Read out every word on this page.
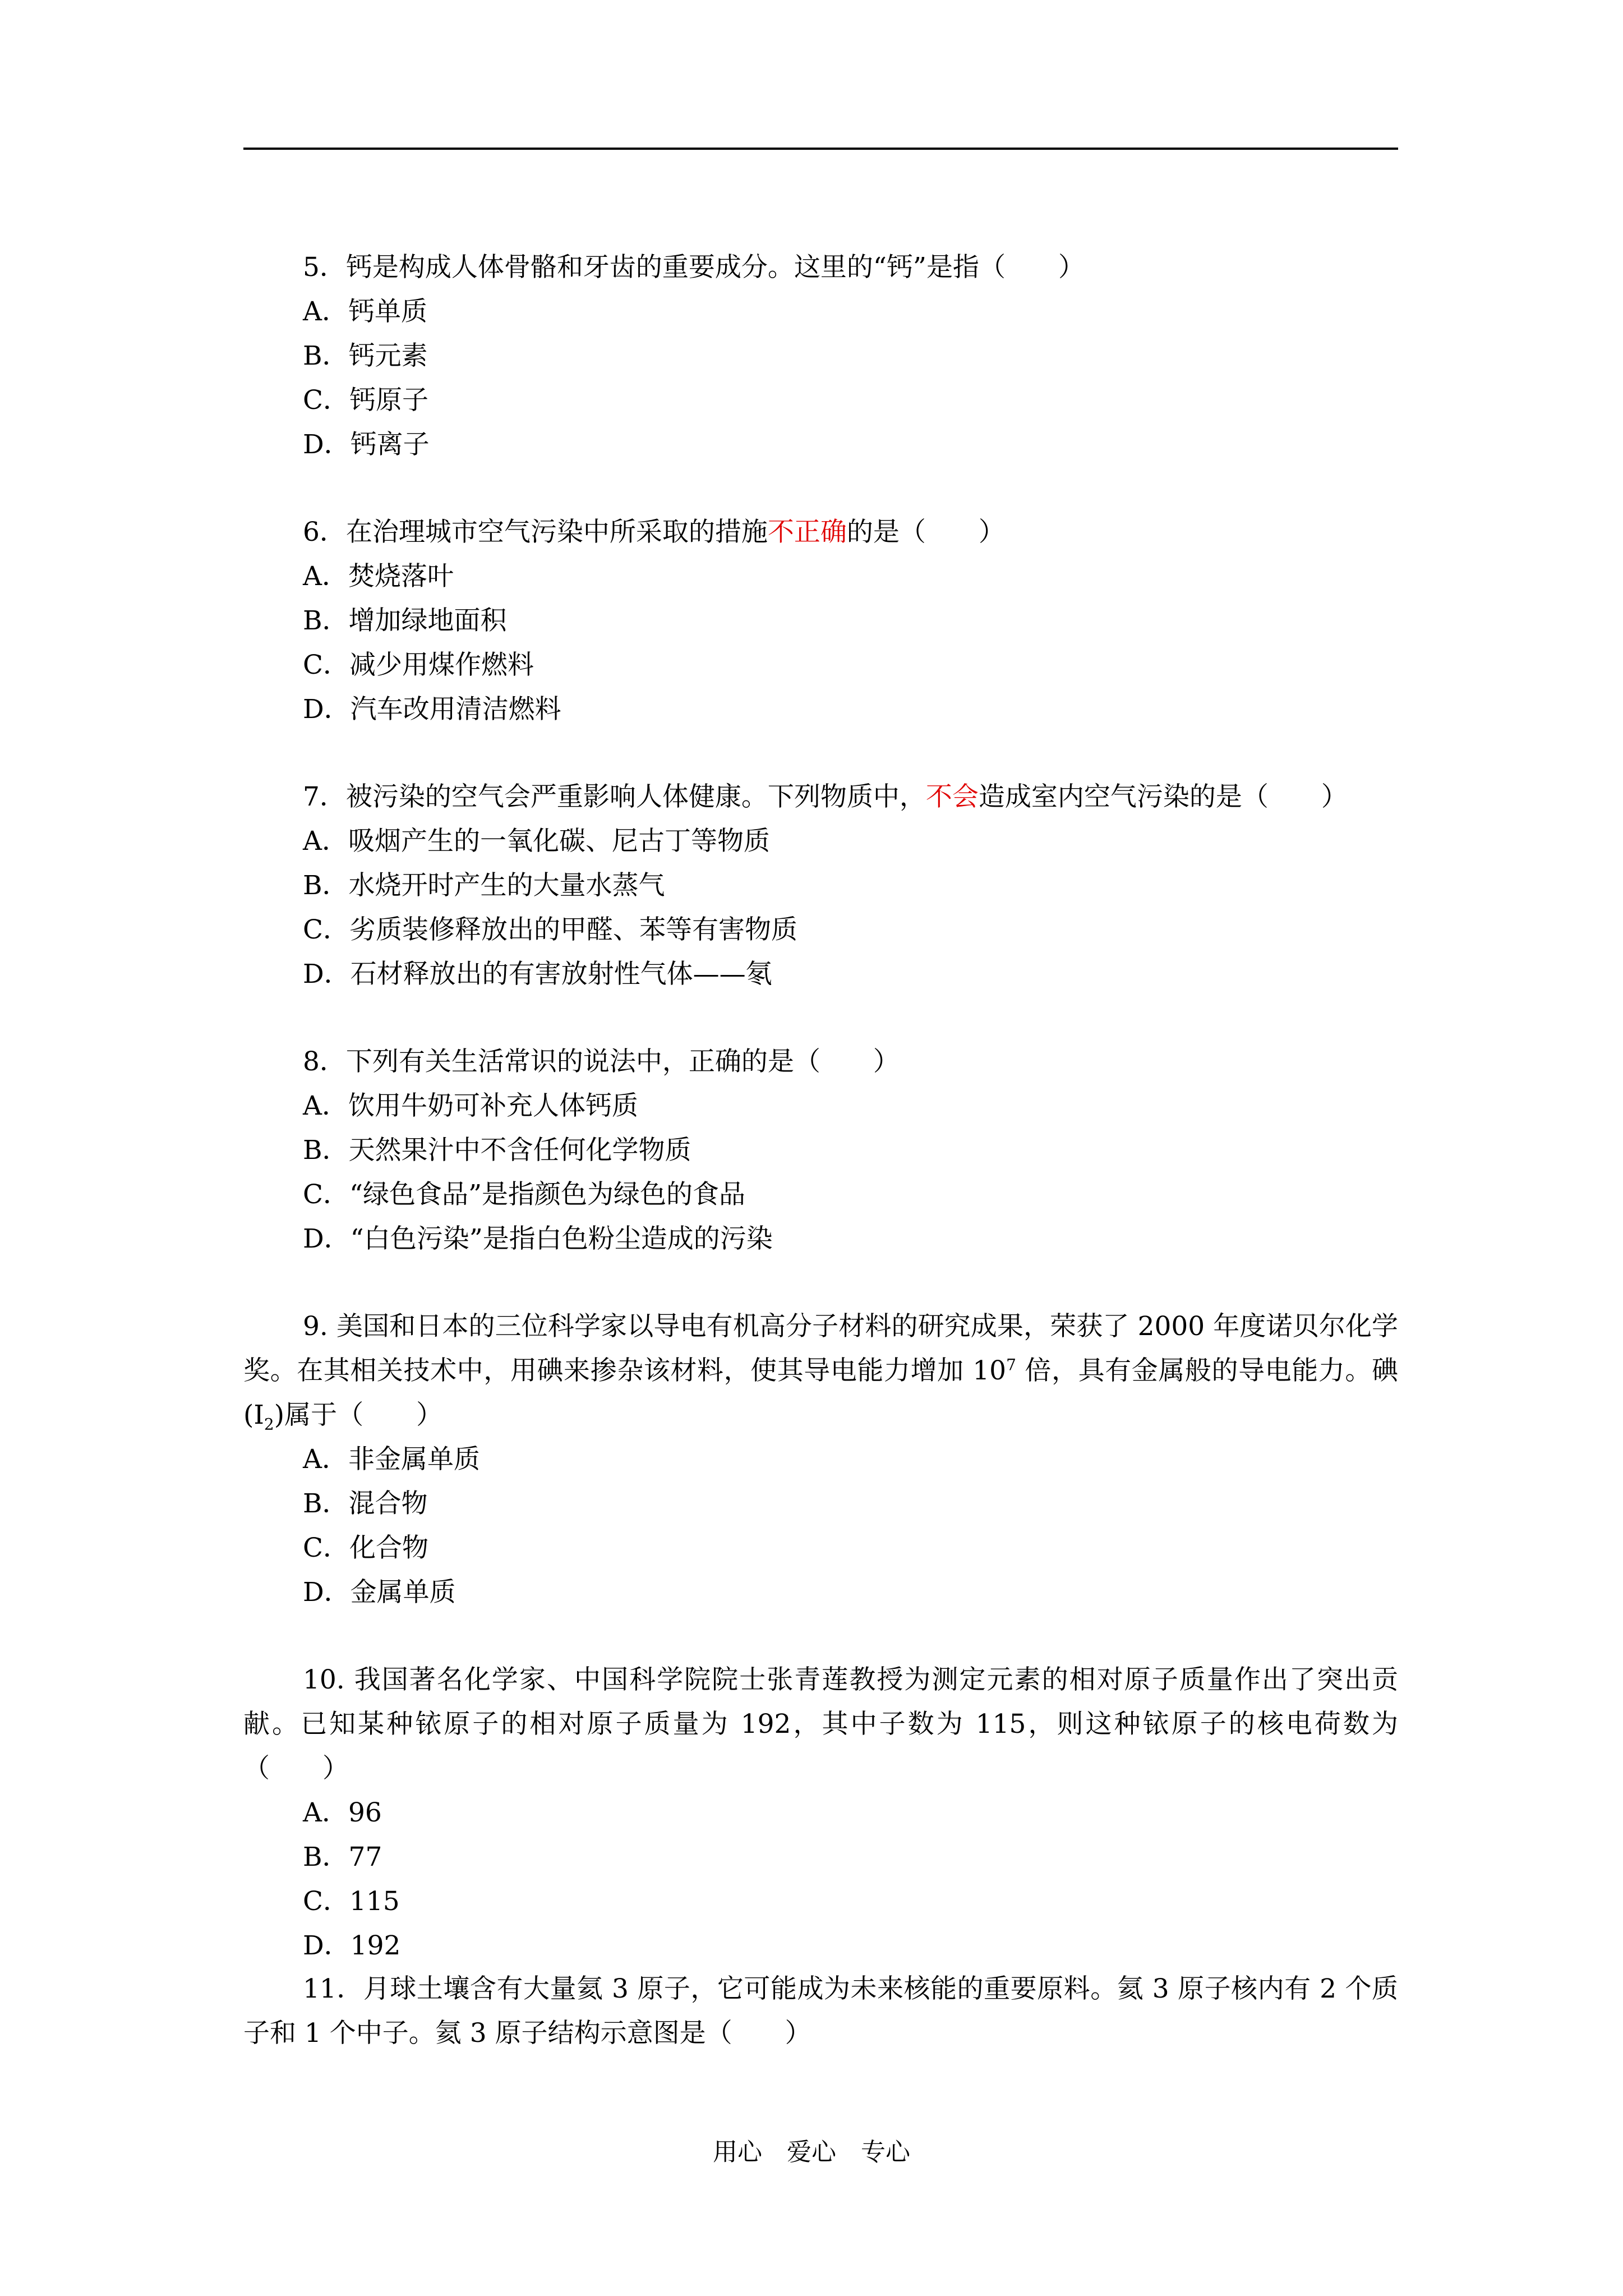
5．钙是构成人体骨骼和牙齿的重要成分。这里的“钙”是指（　　）
A．钙单质
B．钙元素
C．钙原子
D．钙离子
6．在治理城市空气污染中所采取的措施不正确的是（　　）
A．焚烧落叶
B．增加绿地面积
C．减少用煤作燃料
D．汽车改用清洁燃料
7．被污染的空气会严重影响人体健康。下列物质中，不会造成室内空气污染的是（　　）
A．吸烟产生的一氧化碳、尼古丁等物质
B．水烧开时产生的大量水蒸气
C．劣质装修释放出的甲醛、苯等有害物质
D．石材释放出的有害放射性气体——氡
8．下列有关生活常识的说法中，正确的是（　　）
A．饮用牛奶可补充人体钙质
B．天然果汁中不含任何化学物质
C．“绿色食品”是指颜色为绿色的食品
D．“白色污染”是指白色粉尘造成的污染
9. 美国和日本的三位科学家以导电有机高分子材料的研究成果，荣获了 2000 年度诺贝尔化学奖。在其相关技术中，用碘来掺杂该材料，使其导电能力增加 $10^7$ 倍，具有金属般的导电能力。碘$(I_2)$属于（　　）
A．非金属单质
B．混合物
C．化合物
D．金属单质
10. 我国著名化学家、中国科学院院士张青莲教授为测定元素的相对原子质量作出了突出贡献。已知某种铱原子的相对原子质量为 192，其中子数为 115，则这种铱原子的核电荷数为（　　）
A．96
B．77
C．115
D．192
11．月球土壤含有大量氦 3 原子，它可能成为未来核能的重要原料。氦 3 原子核内有 2 个质子和 1 个中子。氦 3 原子结构示意图是（　　）
用心　爱心　专心
